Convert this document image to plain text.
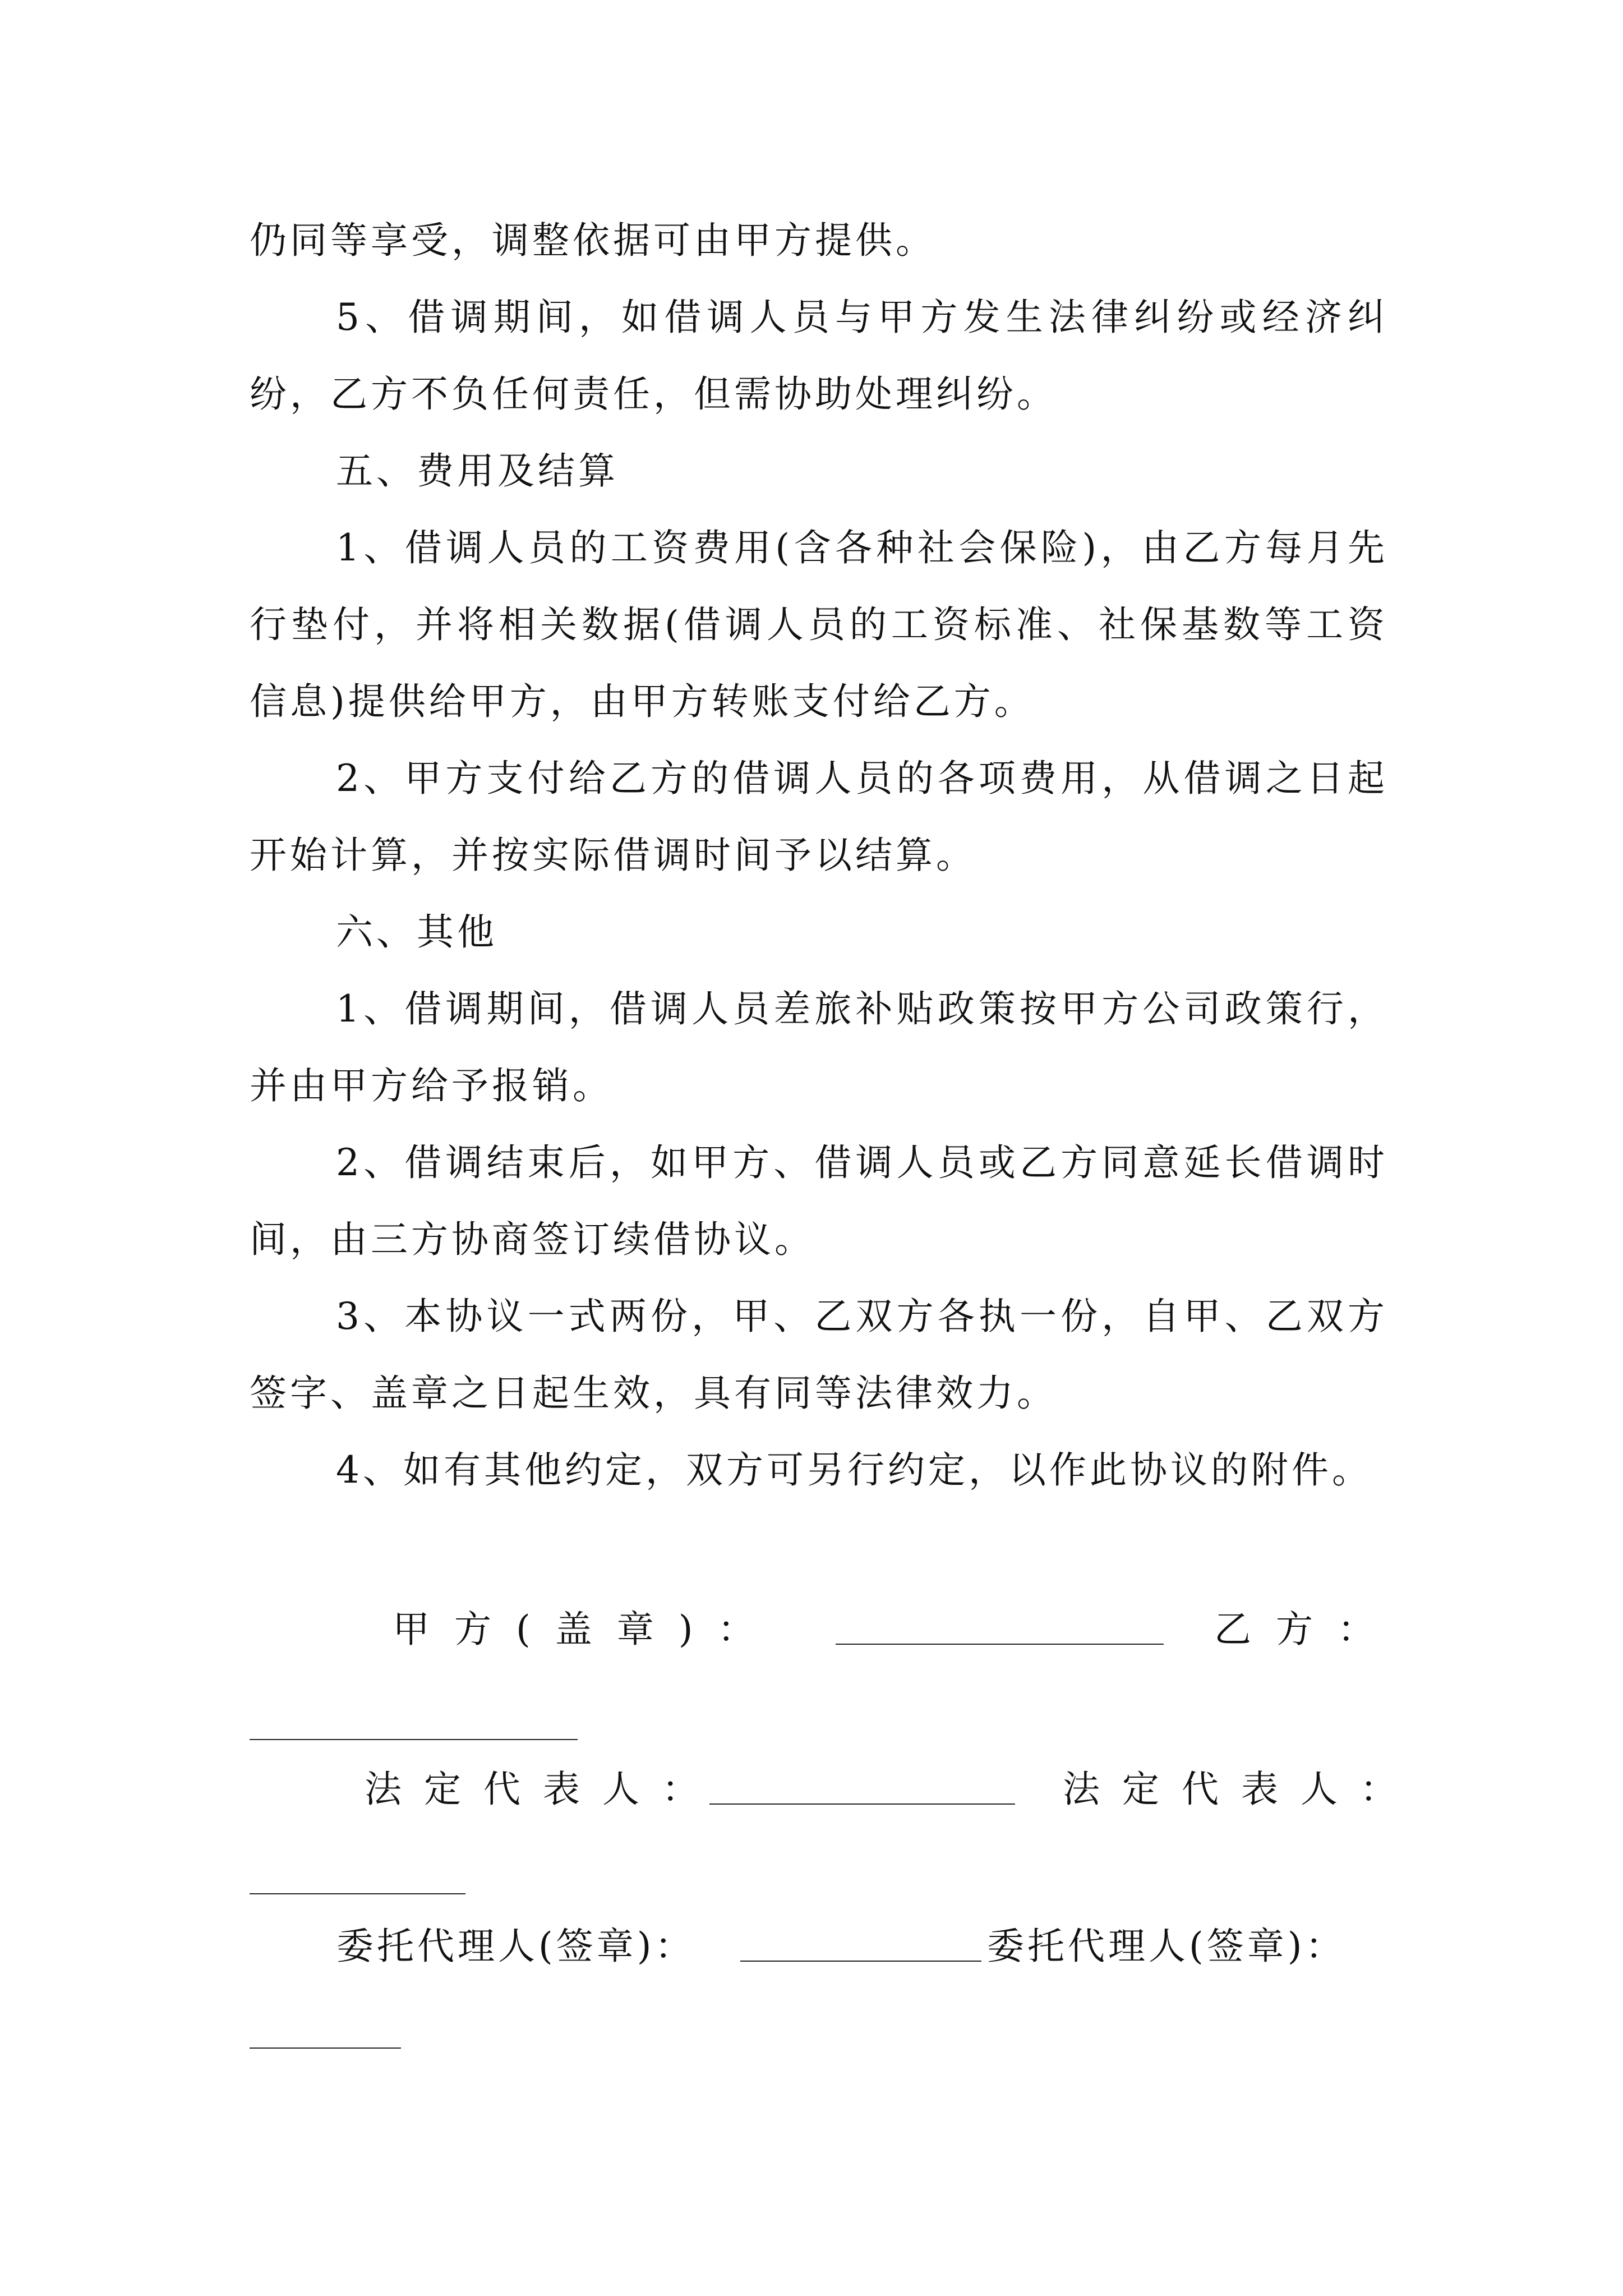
仍同等享受，调整依据可由甲方提供。

5、借调期间，如借调人员与甲方发生法律纠纷或经济纠纷，乙方不负任何责任，但需协助处理纠纷。

五、费用及结算

1、借调人员的工资费用(含各种社会保险)，由乙方每月先行垫付，并将相关数据(借调人员的工资标准、社保基数等工资信息)提供给甲方，由甲方转账支付给乙方。

2、甲方支付给乙方的借调人员的各项费用，从借调之日起开始计算，并按实际借调时间予以结算。

六、其他

1、借调期间，借调人员差旅补贴政策按甲方公司政策行，并由甲方给予报销。

2、借调结束后，如甲方、借调人员或乙方同意延长借调时间，由三方协商签订续借协议。

3、本协议一式两份，甲、乙双方各执一份，自甲、乙双方签字、盖章之日起生效，具有同等法律效力。

4、如有其他约定，双方可另行约定，以作此协议的附件。

甲方(盖章)：	乙方：
法定代表人：	法定代表人：
委托代理人(签章)：	委托代理人(签章)：
